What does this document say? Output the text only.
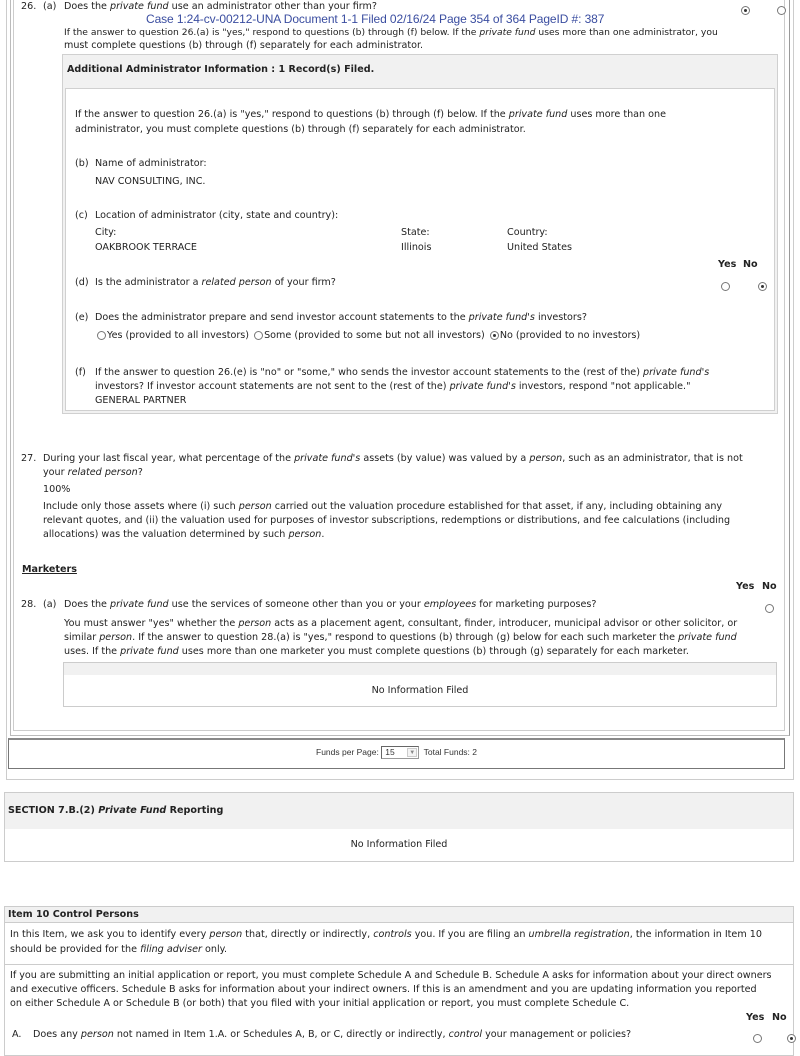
26. (a) Does the private fund use an administrator other than your firm?

Case 1:24-cv-00212-UNA Document 1-1 Filed 02/16/24 Page 354 of 364 PageID #: 387
If the answer to question 26.(a) is "yes," respond to questions (b) through (f) below. If the private fund uses more than one administrator, you
must complete questions (b) through (f) separately for each administrator.
Additional Administrator Information : 1 Record(s) Filed.
If the answer to question 26.(a) is "yes," respond to questions (b) through (f) below. If the private fund uses more than one
administrator, you must complete questions (b) through (f) separately for each administrator.
(b) Name of administrator:
NAV CONSULTING, INC.
(c) Location of administrator (city, state and country):
City:
OAKBROOK TERRACE
State:
Illinois
Country:
United States
Yes No
(d) Is the administrator a related person of your firm?

(e) Does the administrator prepare and send investor account statements to the private fund's investors?
Yes (provided to all investors) Some (provided to some but not all investors) No (provided to no investors)
(f) If the answer to question 26.(e) is "no" or "some," who sends the investor account statements to the (rest of the) private fund's
investors? If investor account statements are not sent to the (rest of the) private fund's investors, respond "not applicable."
GENERAL PARTNER
27. During your last fiscal year, what percentage of the private fund's assets (by value) was valued by a person, such as an administrator, that is not
your related person?
100%
Include only those assets where (i) such person carried out the valuation procedure established for that asset, if any, including obtaining any
relevant quotes, and (ii) the valuation used for purposes of investor subscriptions, redemptions or distributions, and fee calculations (including
allocations) was the valuation determined by such person.
Marketers
Yes No
28. (a) Does the private fund use the services of someone other than you or your employees for marketing purposes?

You must answer "yes" whether the person acts as a placement agent, consultant, finder, introducer, municipal advisor or other solicitor, or
similar person. If the answer to question 28.(a) is "yes," respond to questions (b) through (g) below for each such marketer the private fund
uses. If the private fund uses more than one marketer you must complete questions (b) through (g) separately for each marketer.
No Information Filed
Funds per Page: 15	▼ Total Funds: 2
SECTION 7.B.(2) Private Fund Reporting
No Information Filed
Item 10 Control Persons
In this Item, we ask you to identify every person that, directly or indirectly, controls you. If you are filing an umbrella registration, the information in Item 10
should be provided for the filing adviser only.
If you are submitting an initial application or report, you must complete Schedule A and Schedule B. Schedule A asks for information about your direct owners
and executive officers. Schedule B asks for information about your indirect owners. If this is an amendment and you are updating information you reported
on either Schedule A or Schedule B (or both) that you filed with your initial application or report, you must complete Schedule C.
Yes No
A. Does any person not named in Item 1.A. or Schedules A, B, or C, directly or indirectly, control your management or policies?
